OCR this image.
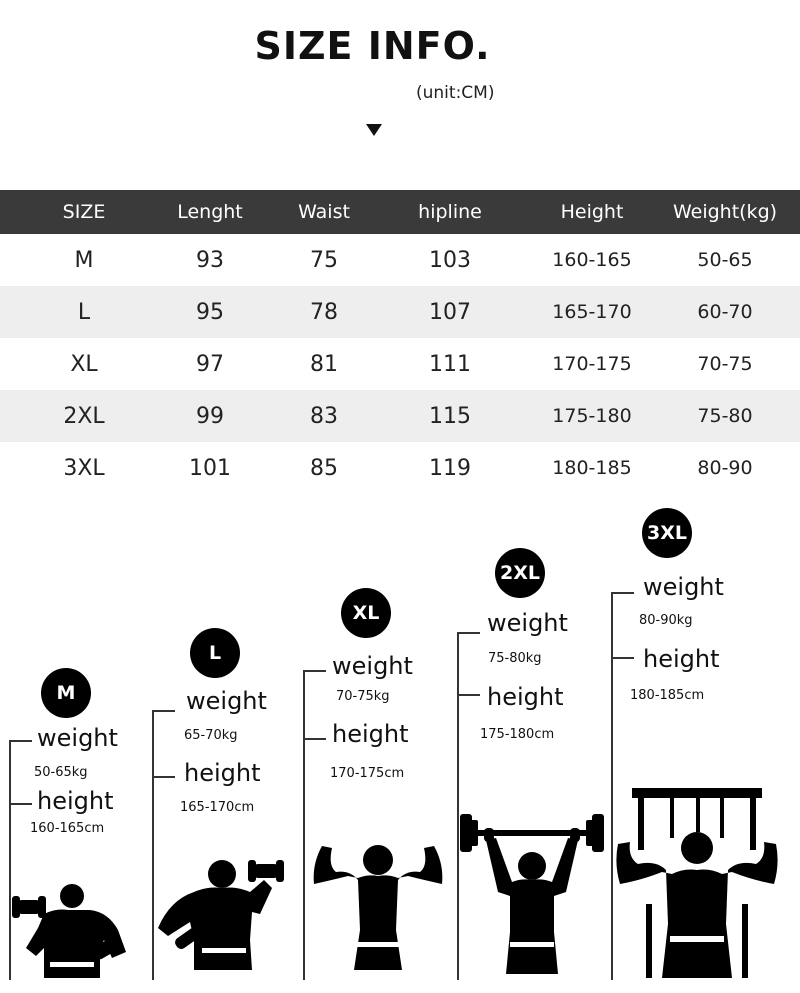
SIZE INFO.
(unit:CM)
SIZE	Lenght	Waist	hipline	Height	Weight(kg)
M	93	75	103	160-165	50-65
L	95	78	107	165-170	60-70
XL	97	81	111	170-175	70-75
2XL	99	83	115	175-180	75-80
3XL	101	85	119	180-185	80-90
M
weight
50-65kg
height
160-165cm
L
weight
65-70kg
height
165-170cm
XL
weight
70-75kg
height
170-175cm
2XL
weight
75-80kg
height
175-180cm
3XL
weight
80-90kg
height
180-185cm
